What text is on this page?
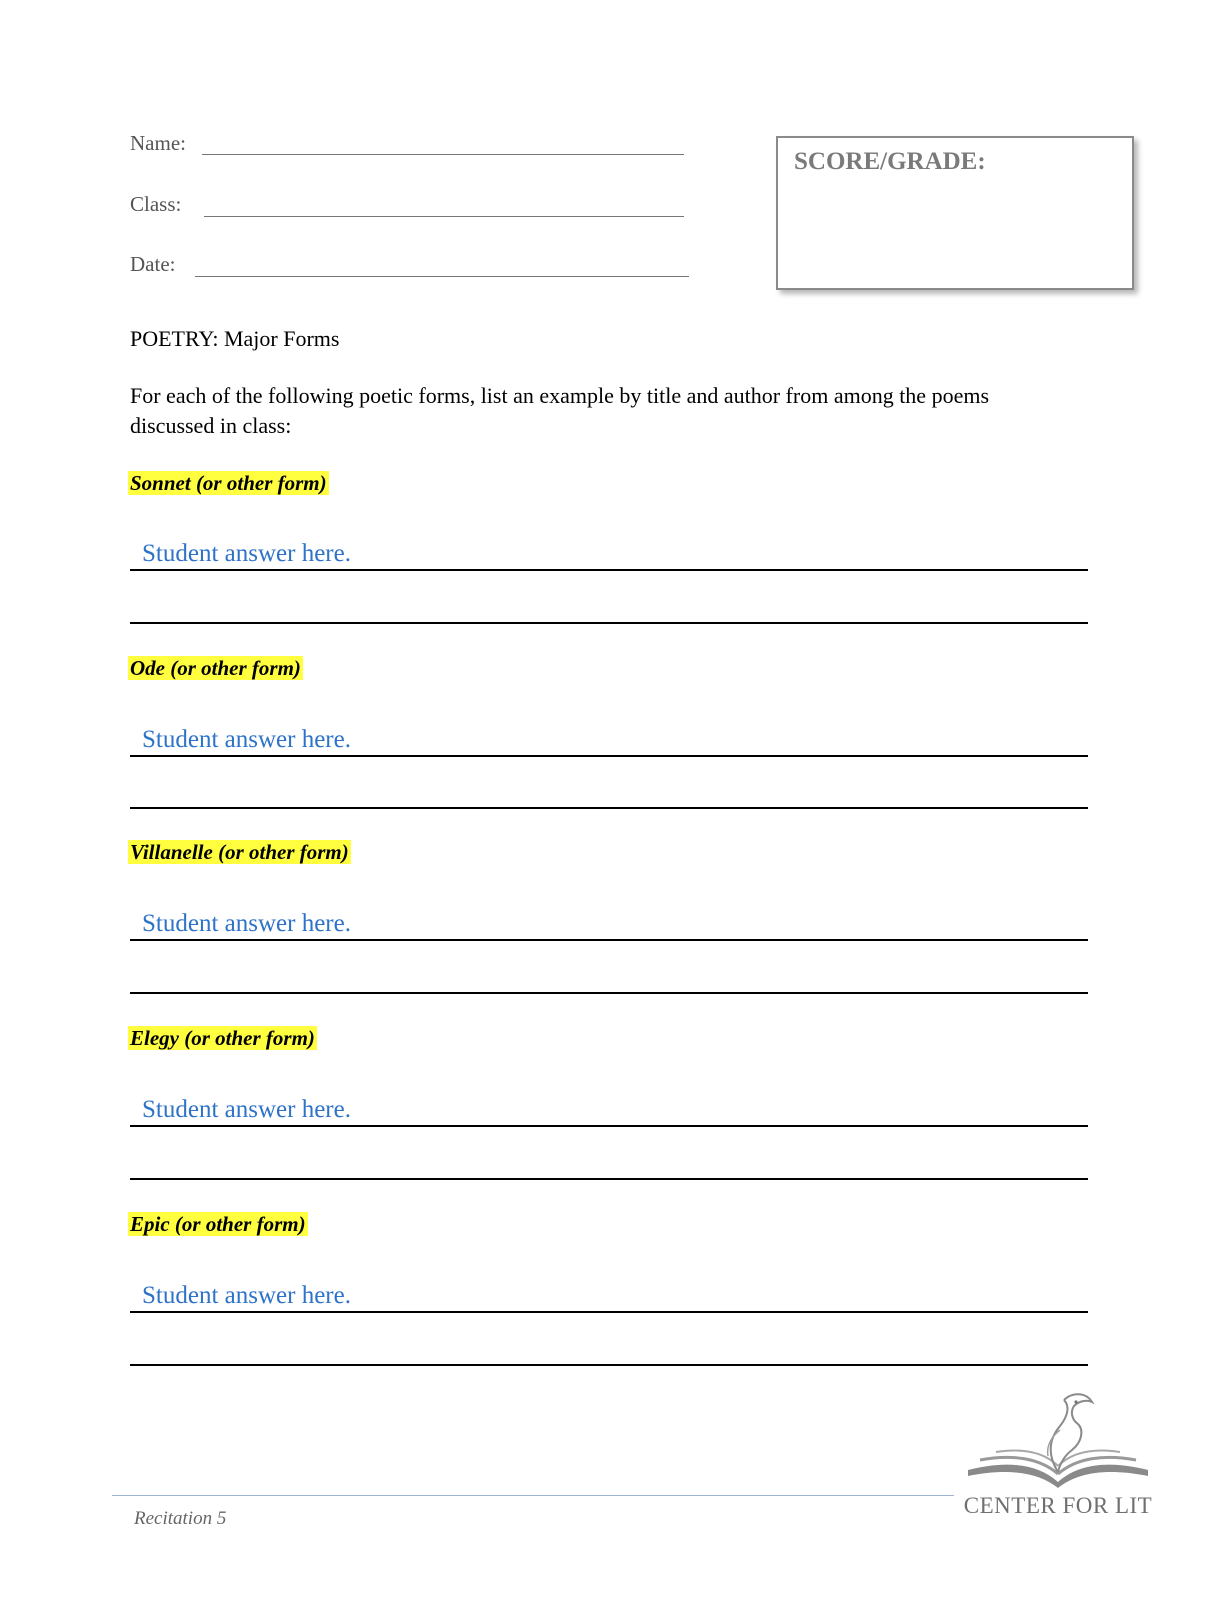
Name:
Class:
Date:
SCORE/GRADE:
POETRY: Major Forms
For each of the following poetic forms, list an example by title and author from among the poems discussed in class:
Sonnet (or other form)
Student answer here.
Ode (or other form)
Student answer here.
Villanelle (or other form)
Student answer here.
Elegy (or other form)
Student answer here.
Epic (or other form)
Student answer here.
Recitation 5
CENTER FOR LIT
